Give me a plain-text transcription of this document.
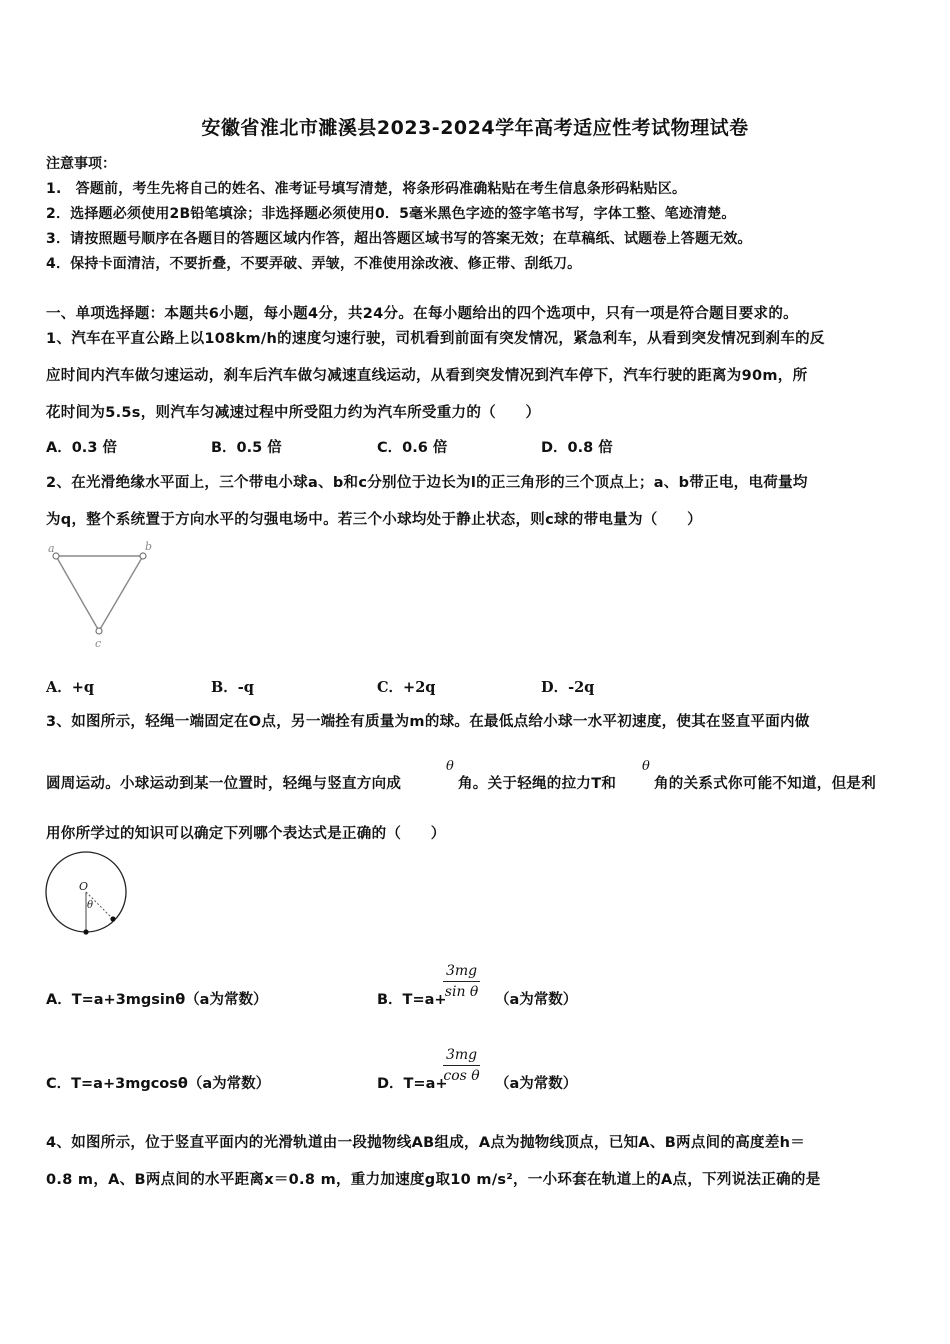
安徽省淮北市濉溪县2023-2024学年高考适应性考试物理试卷
注意事项：
1.　答题前，考生先将自己的姓名、准考证号填写清楚，将条形码准确粘贴在考生信息条形码粘贴区。
2．选择题必须使用2B铅笔填涂；非选择题必须使用0．5毫米黑色字迹的签字笔书写，字体工整、笔迹清楚。
3．请按照题号顺序在各题目的答题区域内作答，超出答题区域书写的答案无效；在草稿纸、试题卷上答题无效。
4．保持卡面清洁，不要折叠，不要弄破、弄皱，不准使用涂改液、修正带、刮纸刀。
一、单项选择题：本题共6小题，每小题4分，共24分。在每小题给出的四个选项中，只有一项是符合题目要求的。
1、汽车在平直公路上以108km/h的速度匀速行驶，司机看到前面有突发情况，紧急利车，从看到突发情况到刹车的反
应时间内汽车做匀速运动，刹车后汽车做匀减速直线运动，从看到突发情况到汽车停下，汽车行驶的距离为90m，所
花时间为5.5s，则汽车匀减速过程中所受阻力约为汽车所受重力的（　　）
A．0.3 倍	B．0.5 倍	C．0.6 倍	D．0.8 倍
2、在光滑绝缘水平面上，三个带电小球a、b和c分别位于边长为l的正三角形的三个顶点上；a、b带正电，电荷量均
为q，整个系统置于方向水平的匀强电场中。若三个小球均处于静止状态，则c球的带电量为（　　）
a	b
c
A．+q	B．-q	C．+2q	D．-2q
3、如图所示，轻绳一端固定在O点，另一端拴有质量为m的球。在最低点给小球一水平初速度，使其在竖直平面内做
圆周运动。小球运动到某一位置时，轻绳与竖直方向成
θ
角。关于轻绳的拉力T和
θ
角的关系式你可能不知道，但是利
用你所学过的知识可以确定下列哪个表达式是正确的（　　）
O
θ
A．T=a+3mgsinθ（a为常数）	B．T=a+
$\frac{3mg}{\text{sin θ}} (a$为常数）
C．T=a+3mgcosθ（a为常数）	D．T=a+
$\frac{3mg}{\text{cos θ}} (a$为常数）
4、如图所示，位于竖直平面内的光滑轨道由一段抛物线AB组成，A点为抛物线顶点，已知A、B两点间的高度差h＝
0.8 m，A、B两点间的水平距离x＝0.8 m，重力加速度g取10 m/s²，一小环套在轨道上的A点，下列说法正确的是
